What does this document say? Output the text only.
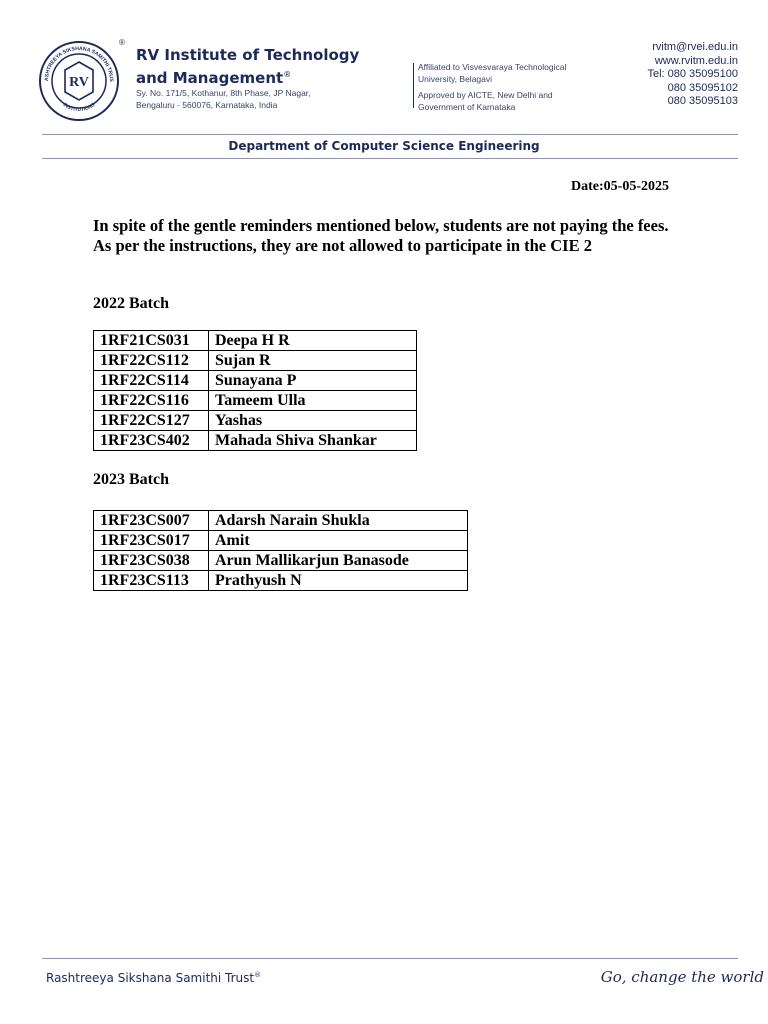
ASHTREEYA SIKSHANA SAMITHI TRUS
INSTITUTIONS
RV
®
RV Institute of Technology
and Management®
Sy. No. 171/5, Kothanur, 8th Phase, JP Nagar,
Bengaluru - 560076, Karnataka, India
Affiliated to Visvesvaraya Technological
University, Belagavi
Approved by AICTE, New Delhi and
Government of Karnataka
rvitm@rvei.edu.in
www.rvitm.edu.in
Tel: 080 35095100
080 35095102
080 35095103
Department of Computer Science Engineering
Date:05-05-2025
In spite of the gentle reminders mentioned below, students are not paying the fees. As per the instructions, they are not allowed to participate in the CIE 2
2022 Batch
1RF21CS031	Deepa H R
1RF22CS112	Sujan R
1RF22CS114	Sunayana P
1RF22CS116	Tameem Ulla
1RF22CS127	Yashas
1RF23CS402	Mahada Shiva Shankar
2023 Batch
1RF23CS007	Adarsh Narain Shukla
1RF23CS017	Amit
1RF23CS038	Arun Mallikarjun Banasode
1RF23CS113	Prathyush N
Rashtreeya Sikshana Samithi Trust®	Go, change the world
